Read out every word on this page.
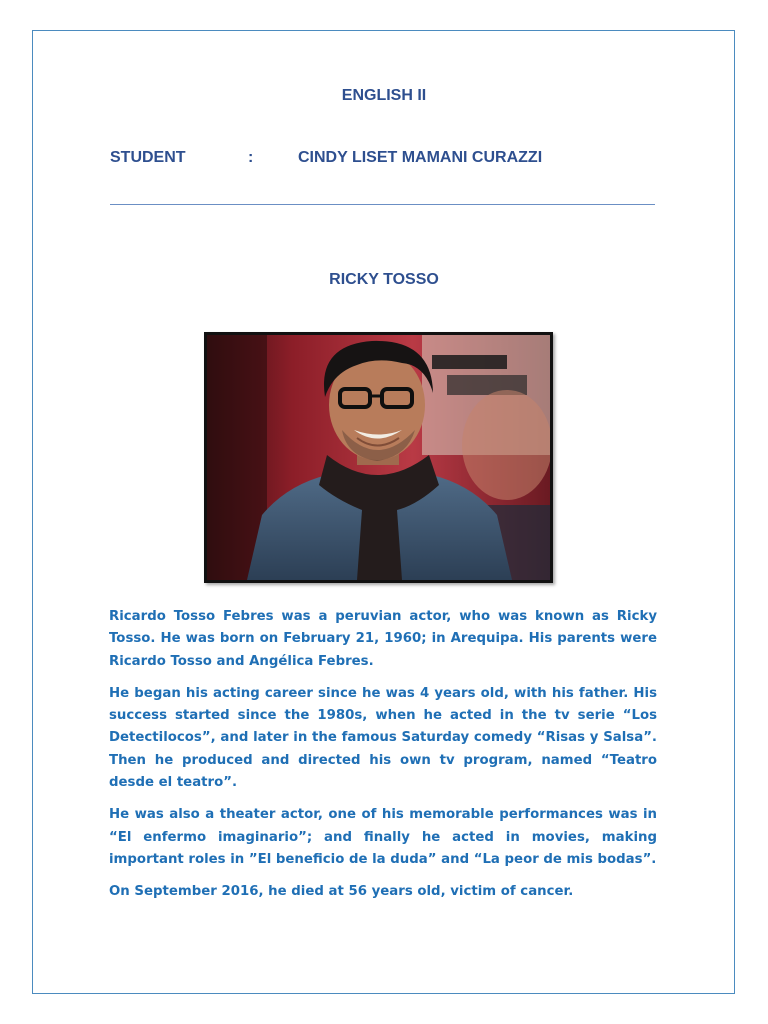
ENGLISH II
STUDENT	:	CINDY LISET MAMANI CURAZZI
RICKY TOSSO

Ricardo Tosso Febres was a peruvian actor, who was known as Ricky Tosso. He was born on February 21, 1960; in Arequipa. His parents were Ricardo Tosso and Angélica Febres.

He began his acting career since he was 4 years old, with his father. His success started since the 1980s, when he acted in the tv serie “Los Detectilocos”, and later in the famous Saturday comedy “Risas y Salsa”. Then he produced and directed his own tv program, named “Teatro desde el teatro”.

He was also a theater actor, one of his memorable performances was in “El enfermo imaginario”; and finally he acted in movies, making important roles in ”El beneficio de la duda” and “La peor de mis bodas”.

On September 2016, he died at 56 years old, victim of cancer.
